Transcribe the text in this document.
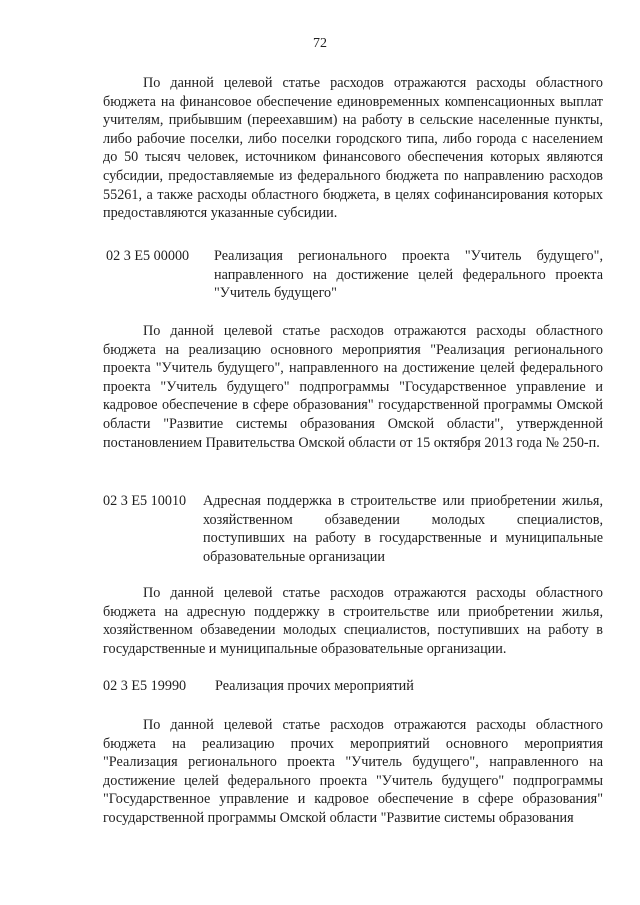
72

По данной целевой статье расходов отражаются расходы областного бюджета на финансовое обеспечение единовременных компенсационных выплат учителям, прибывшим (переехавшим) на работу в сельские населенные пункты, либо рабочие поселки, либо поселки городского типа, либо города с населением до 50 тысяч человек, источником финансового обеспечения которых являются субсидии, предоставляемые из федерального бюджета по направлению расходов 55261, а также расходы областного бюджета, в целях софинансирования которых предоставляются указанные субсидии.

02 3 E5 00000 Реализация регионального проекта "Учитель будущего", направленного на достижение целей федерального проекта "Учитель будущего"

По данной целевой статье расходов отражаются расходы областного бюджета на реализацию основного мероприятия "Реализация регионального проекта "Учитель будущего", направленного на достижение целей федерального проекта "Учитель будущего" подпрограммы "Государственное управление и кадровое обеспечение в сфере образования" государственной программы Омской области "Развитие системы образования Омской области", утвержденной постановлением Правительства Омской области от 15 октября 2013 года № 250-п.

02 3 E5 10010 Адресная поддержка в строительстве или приобретении жилья, хозяйственном обзаведении молодых специалистов, поступивших на работу в государственные и муниципальные образовательные организации

По данной целевой статье расходов отражаются расходы областного бюджета на адресную поддержку в строительстве или приобретении жилья, хозяйственном обзаведении молодых специалистов, поступивших на работу в государственные и муниципальные образовательные организации.

02 3 E5 19990 Реализация прочих мероприятий

По данной целевой статье расходов отражаются расходы областного бюджета на реализацию прочих мероприятий основного мероприятия "Реализация регионального проекта "Учитель будущего", направленного на достижение целей федерального проекта "Учитель будущего" подпрограммы "Государственное управление и кадровое обеспечение в сфере образования" государственной программы Омской области "Развитие системы образования
